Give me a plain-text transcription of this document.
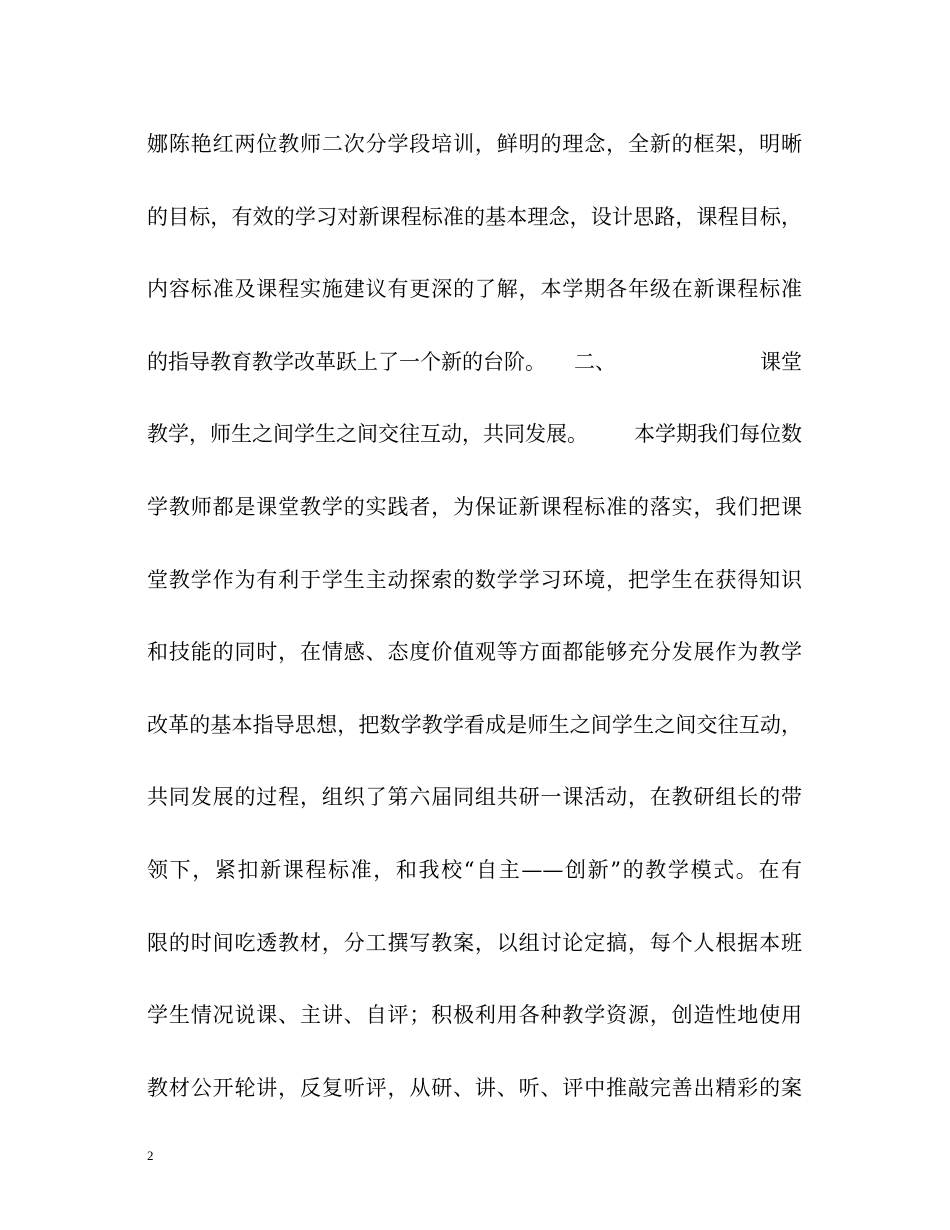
娜陈艳红两位教师二次分学段培训，鲜明的理念，全新的框架，明晰
的目标，有效的学习对新课程标准的基本理念，设计思路，课程目标，
内容标准及课程实施建议有更深的了解，本学期各年级在新课程标准
的指导教育教学改革跃上了一个新的台阶。 二、	课堂
教学，师生之间学生之间交往互动，共同发展。 本学期我们每位数
学教师都是课堂教学的实践者，为保证新课程标准的落实，我们把课
堂教学作为有利于学生主动探索的数学学习环境，把学生在获得知识
和技能的同时，在情感、态度价值观等方面都能够充分发展作为教学
改革的基本指导思想，把数学教学看成是师生之间学生之间交往互动，
共同发展的过程，组织了第六届同组共研一课活动，在教研组长的带
领下，紧扣新课程标准，和我校“自主——创新”的教学模式。在有
限的时间吃透教材，分工撰写教案，以组讨论定搞，每个人根据本班
学生情况说课、主讲、自评；积极利用各种教学资源，创造性地使用
教材公开轮讲，反复听评，从研、讲、听、评中推敲完善出精彩的案
2
